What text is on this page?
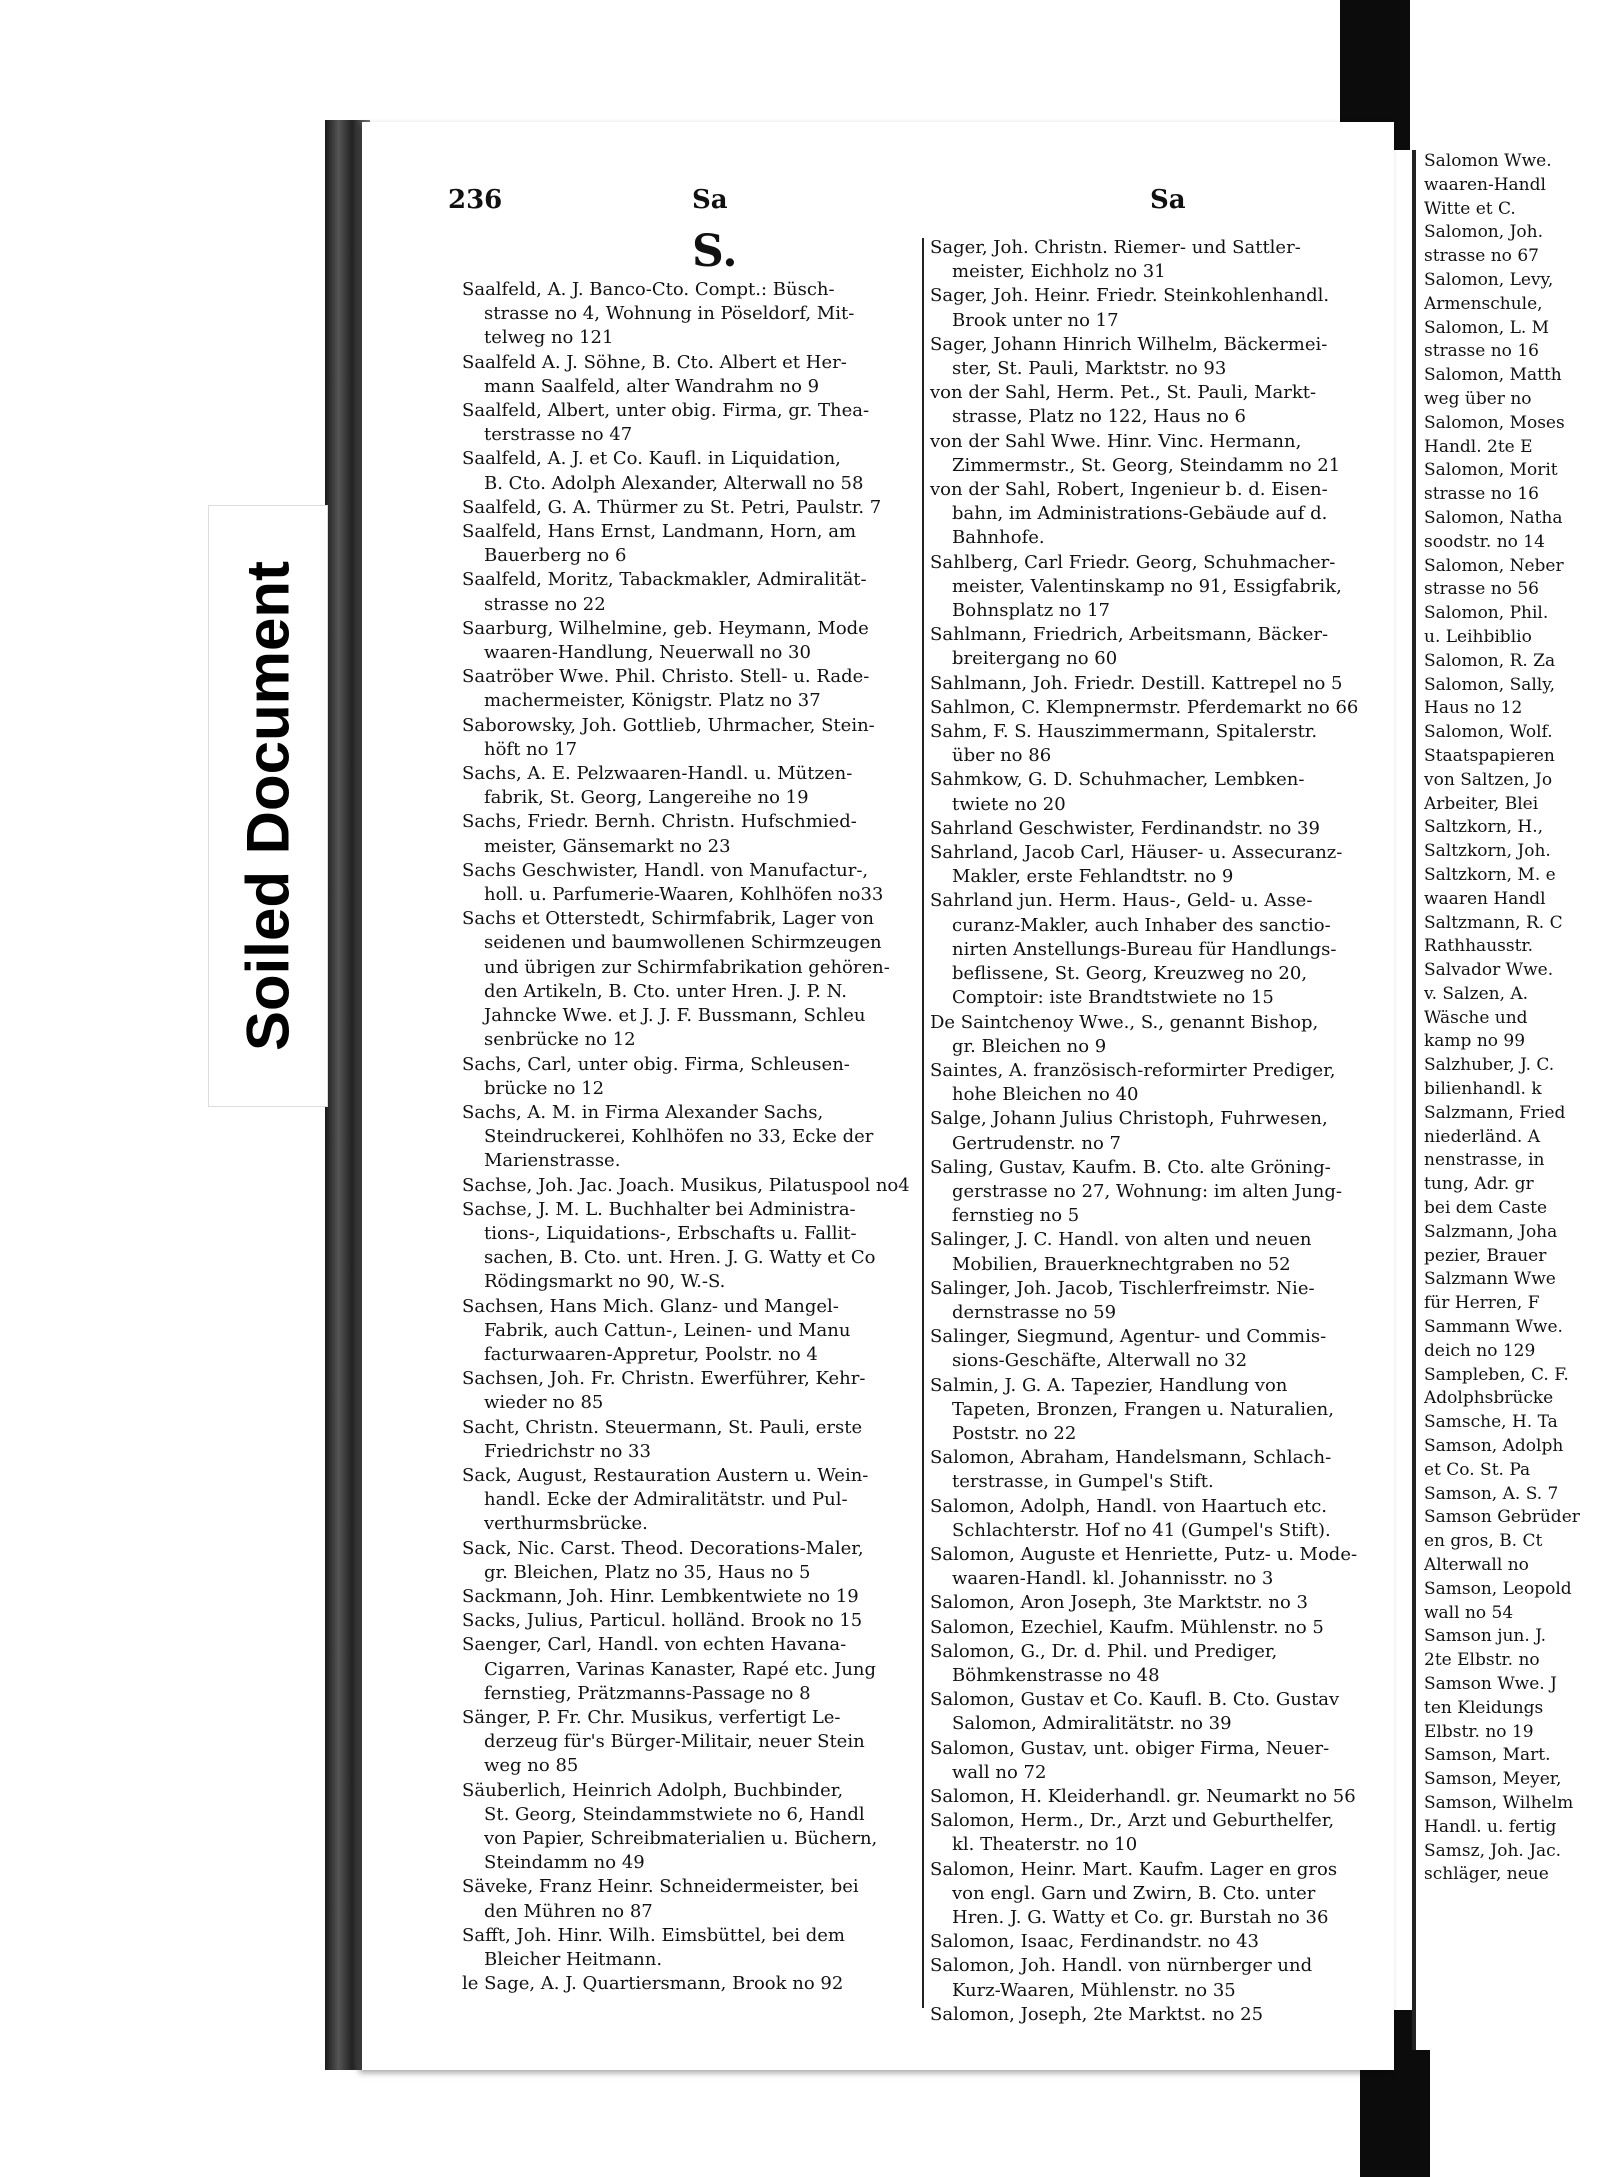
Soiled Document
236	Sa	Sa
S.
Saalfeld, A. J. Banco-Cto. Compt.: Büsch-
strasse no 4, Wohnung in Pöseldorf, Mit-
telweg no 121
Saalfeld A. J. Söhne, B. Cto. Albert et Her-
mann Saalfeld, alter Wandrahm no 9
Saalfeld, Albert, unter obig. Firma, gr. Thea-
terstrasse no 47
Saalfeld, A. J. et Co. Kaufl. in Liquidation,
B. Cto. Adolph Alexander, Alterwall no 58
Saalfeld, G. A. Thürmer zu St. Petri, Paulstr. 7
Saalfeld, Hans Ernst, Landmann, Horn, am
Bauerberg no 6
Saalfeld, Moritz, Tabackmakler, Admiralität-
strasse no 22
Saarburg, Wilhelmine, geb. Heymann, Mode
waaren-Handlung, Neuerwall no 30
Saatröber Wwe. Phil. Christo. Stell- u. Rade-
machermeister, Königstr. Platz no 37
Saborowsky, Joh. Gottlieb, Uhrmacher, Stein-
höft no 17
Sachs, A. E. Pelzwaaren-Handl. u. Mützen-
fabrik, St. Georg, Langereihe no 19
Sachs, Friedr. Bernh. Christn. Hufschmied-
meister, Gänsemarkt no 23
Sachs Geschwister, Handl. von Manufactur-,
holl. u. Parfumerie-Waaren, Kohlhöfen no33
Sachs et Otterstedt, Schirmfabrik, Lager von
seidenen und baumwollenen Schirmzeugen
und übrigen zur Schirmfabrikation gehören-
den Artikeln, B. Cto. unter Hren. J. P. N.
Jahncke Wwe. et J. J. F. Bussmann, Schleu
senbrücke no 12
Sachs, Carl, unter obig. Firma, Schleusen-
brücke no 12
Sachs, A. M. in Firma Alexander Sachs,
Steindruckerei, Kohlhöfen no 33, Ecke der
Marienstrasse.
Sachse, Joh. Jac. Joach. Musikus, Pilatuspool no4
Sachse, J. M. L. Buchhalter bei Administra-
tions-, Liquidations-, Erbschafts u. Fallit-
sachen, B. Cto. unt. Hren. J. G. Watty et Co
Rödingsmarkt no 90, W.-S.
Sachsen, Hans Mich. Glanz- und Mangel-
Fabrik, auch Cattun-, Leinen- und Manu
facturwaaren-Appretur, Poolstr. no 4
Sachsen, Joh. Fr. Christn. Ewerführer, Kehr-
wieder no 85
Sacht, Christn. Steuermann, St. Pauli, erste
Friedrichstr no 33
Sack, August, Restauration Austern u. Wein-
handl. Ecke der Admiralitätstr. und Pul-
verthurmsbrücke.
Sack, Nic. Carst. Theod. Decorations-Maler,
gr. Bleichen, Platz no 35, Haus no 5
Sackmann, Joh. Hinr. Lembkentwiete no 19
Sacks, Julius, Particul. holländ. Brook no 15
Saenger, Carl, Handl. von echten Havana-
Cigarren, Varinas Kanaster, Rapé etc. Jung
fernstieg, Prätzmanns-Passage no 8
Sänger, P. Fr. Chr. Musikus, verfertigt Le-
derzeug für's Bürger-Militair, neuer Stein
weg no 85
Säuberlich, Heinrich Adolph, Buchbinder,
St. Georg, Steindammstwiete no 6, Handl
von Papier, Schreibmaterialien u. Büchern,
Steindamm no 49
Säveke, Franz Heinr. Schneidermeister, bei
den Mühren no 87
Safft, Joh. Hinr. Wilh. Eimsbüttel, bei dem
Bleicher Heitmann.
le Sage, A. J. Quartiersmann, Brook no 92
Sager, Joh. Christn. Riemer- und Sattler-
meister, Eichholz no 31
Sager, Joh. Heinr. Friedr. Steinkohlenhandl.
Brook unter no 17
Sager, Johann Hinrich Wilhelm, Bäckermei-
ster, St. Pauli, Marktstr. no 93
von der Sahl, Herm. Pet., St. Pauli, Markt-
strasse, Platz no 122, Haus no 6
von der Sahl Wwe. Hinr. Vinc. Hermann,
Zimmermstr., St. Georg, Steindamm no 21
von der Sahl, Robert, Ingenieur b. d. Eisen-
bahn, im Administrations-Gebäude auf d.
Bahnhofe.
Sahlberg, Carl Friedr. Georg, Schuhmacher-
meister, Valentinskamp no 91, Essigfabrik,
Bohnsplatz no 17
Sahlmann, Friedrich, Arbeitsmann, Bäcker-
breitergang no 60
Sahlmann, Joh. Friedr. Destill. Kattrepel no 5
Sahlmon, C. Klempnermstr. Pferdemarkt no 66
Sahm, F. S. Hauszimmermann, Spitalerstr.
über no 86
Sahmkow, G. D. Schuhmacher, Lembken-
twiete no 20
Sahrland Geschwister, Ferdinandstr. no 39
Sahrland, Jacob Carl, Häuser- u. Assecuranz-
Makler, erste Fehlandtstr. no 9
Sahrland jun. Herm. Haus-, Geld- u. Asse-
curanz-Makler, auch Inhaber des sanctio-
nirten Anstellungs-Bureau für Handlungs-
beflissene, St. Georg, Kreuzweg no 20,
Comptoir: iste Brandtstwiete no 15
De Saintchenoy Wwe., S., genannt Bishop,
gr. Bleichen no 9
Saintes, A. französisch-reformirter Prediger,
hohe Bleichen no 40
Salge, Johann Julius Christoph, Fuhrwesen,
Gertrudenstr. no 7
Saling, Gustav, Kaufm. B. Cto. alte Gröning-
gerstrasse no 27, Wohnung: im alten Jung-
fernstieg no 5
Salinger, J. C. Handl. von alten und neuen
Mobilien, Brauerknechtgraben no 52
Salinger, Joh. Jacob, Tischlerfreimstr. Nie-
dernstrasse no 59
Salinger, Siegmund, Agentur- und Commis-
sions-Geschäfte, Alterwall no 32
Salmin, J. G. A. Tapezier, Handlung von
Tapeten, Bronzen, Frangen u. Naturalien,
Poststr. no 22
Salomon, Abraham, Handelsmann, Schlach-
terstrasse, in Gumpel's Stift.
Salomon, Adolph, Handl. von Haartuch etc.
Schlachterstr. Hof no 41 (Gumpel's Stift).
Salomon, Auguste et Henriette, Putz- u. Mode-
waaren-Handl. kl. Johannisstr. no 3
Salomon, Aron Joseph, 3te Marktstr. no 3
Salomon, Ezechiel, Kaufm. Mühlenstr. no 5
Salomon, G., Dr. d. Phil. und Prediger,
Böhmkenstrasse no 48
Salomon, Gustav et Co. Kaufl. B. Cto. Gustav
Salomon, Admiralitätstr. no 39
Salomon, Gustav, unt. obiger Firma, Neuer-
wall no 72
Salomon, H. Kleiderhandl. gr. Neumarkt no 56
Salomon, Herm., Dr., Arzt und Geburthelfer,
kl. Theaterstr. no 10
Salomon, Heinr. Mart. Kaufm. Lager en gros
von engl. Garn und Zwirn, B. Cto. unter
Hren. J. G. Watty et Co. gr. Burstah no 36
Salomon, Isaac, Ferdinandstr. no 43
Salomon, Joh. Handl. von nürnberger und
Kurz-Waaren, Mühlenstr. no 35
Salomon, Joseph, 2te Marktst. no 25
Salomon Wwe.
waaren-Handl
Witte et C.
Salomon, Joh.
strasse no 67
Salomon, Levy,
Armenschule,
Salomon, L. M
strasse no 16
Salomon, Matth
weg über no
Salomon, Moses
Handl. 2te E
Salomon, Morit
strasse no 16
Salomon, Natha
soodstr. no 14
Salomon, Neber
strasse no 56
Salomon, Phil.
u. Leihbiblio
Salomon, R. Za
Salomon, Sally,
Haus no 12
Salomon, Wolf.
Staatspapieren
von Saltzen, Jo
Arbeiter, Blei
Saltzkorn, H.,
Saltzkorn, Joh.
Saltzkorn, M. e
waaren Handl
Saltzmann, R. C
Rathhausstr.
Salvador Wwe.
v. Salzen, A.
Wäsche und
kamp no 99
Salzhuber, J. C.
bilienhandl. k
Salzmann, Fried
niederländ. A
nenstrasse, in
tung, Adr. gr
bei dem Caste
Salzmann, Joha
pezier, Brauer
Salzmann Wwe
für Herren, F
Sammann Wwe.
deich no 129
Sampleben, C. F.
Adolphsbrücke
Samsche, H. Ta
Samson, Adolph
et Co. St. Pa
Samson, A. S. 7
Samson Gebrüder
en gros, B. Ct
Alterwall no
Samson, Leopold
wall no 54
Samson jun. J.
2te Elbstr. no
Samson Wwe. J
ten Kleidungs
Elbstr. no 19
Samson, Mart.
Samson, Meyer,
Samson, Wilhelm
Handl. u. fertig
Samsz, Joh. Jac.
schläger, neue
